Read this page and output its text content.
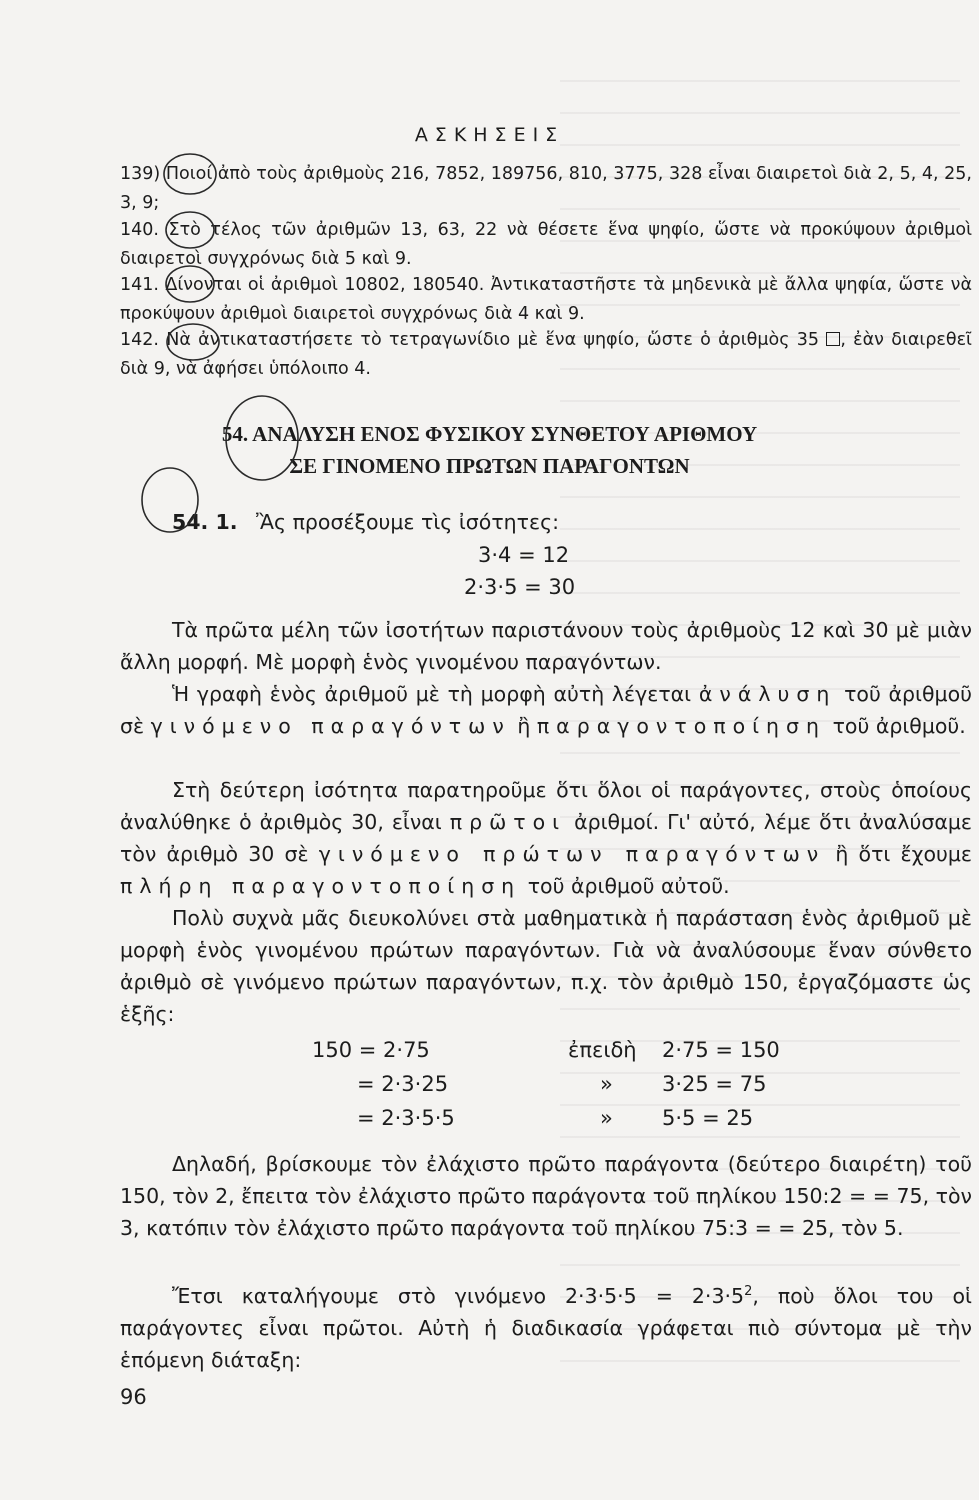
ΑΣΚΗΣΕΙΣ
139) Ποιοί ἀπὸ τοὺς ἀριθμοὺς 216, 7852, 189756, 810, 3775, 328 εἶναι διαιρετοὶ διὰ 2, 5, 4, 25, 3, 9;
140. Στὸ τέλος τῶν ἀριθμῶν 13, 63, 22 νὰ θέσετε ἕνα ψηφίο, ὥστε νὰ προκύψουν ἀριθμοὶ διαιρετοὶ συγχρόνως διὰ 5 καὶ 9.
141. Δίνονται οἱ ἀριθμοὶ 10802, 180540. Ἀντικαταστῆστε τὰ μηδενικὰ μὲ ἄλλα ψηφία, ὥστε νὰ προκύψουν ἀριθμοὶ διαιρετοὶ συγχρόνως διὰ 4 καὶ 9.
142. Νὰ ἀντικαταστήσετε τὸ τετραγωνίδιο μὲ ἕνα ψηφίο, ὥστε ὁ ἀριθμὸς 35 , ἐὰν διαιρεθεῖ διὰ 9, νὰ ἀφήσει ὑπόλοιπο 4.
54. ΑΝΑΛΥΣΗ ΕΝΟΣ ΦΥΣΙΚΟΥ ΣΥΝΘΕΤΟΥ ΑΡΙΘΜΟΥ
ΣΕ ΓΙΝΟΜΕΝΟ ΠΡΩΤΩΝ ΠΑΡΑΓΟΝΤΩΝ
54. 1. Ἂς προσέξουμε τὶς ἰσότητες:
3·4 = 12
2·3·5 = 30
Τὰ πρῶτα μέλη τῶν ἰσοτήτων παριστάνουν τοὺς ἀριθμοὺς 12 καὶ 30 μὲ μιὰν ἄλλη μορφή. Μὲ μορφὴ ἑνὸς γινομένου παραγόντων.
Ἡ γραφὴ ἑνὸς ἀριθμοῦ μὲ τὴ μορφὴ αὐτὴ λέγεται ἀνάλυση τοῦ ἀριθμοῦ σὲ γινόμενο παραγόντων ἢ παραγοντοποίηση τοῦ ἀριθμοῦ.
Στὴ δεύτερη ἰσότητα παρατηροῦμε ὅτι ὅλοι οἱ παράγοντες, στοὺς ὁποίους ἀναλύθηκε ὁ ἀριθμὸς 30, εἶναι πρῶτοι ἀριθμοί. Γι' αὐτό, λέμε ὅτι ἀναλύσαμε τὸν ἀριθμὸ 30 σὲ γινόμενο πρώτων παραγόντων ἢ ὅτι ἔχουμε πλήρη παραγοντοποίηση τοῦ ἀριθμοῦ αὐτοῦ.
Πολὺ συχνὰ μᾶς διευκολύνει στὰ μαθηματικὰ ἡ παράσταση ἑνὸς ἀριθμοῦ μὲ μορφὴ ἑνὸς γινομένου πρώτων παραγόντων. Γιὰ νὰ ἀναλύσουμε ἕναν σύνθετο ἀριθμὸ σὲ γινόμενο πρώτων παραγόντων, π.χ. τὸν ἀριθμὸ 150, ἐργαζόμαστε ὡς ἑξῆς:
150 = 2·75	ἐπειδὴ 2·75 = 150
= 2·3·25	» 3·25 = 75
= 2·3·5·5	» 5·5 = 25
Δηλαδή, βρίσκουμε τὸν ἐλάχιστο πρῶτο παράγοντα (δεύτερο διαιρέτη) τοῦ 150, τὸν 2, ἔπειτα τὸν ἐλάχιστο πρῶτο παράγοντα τοῦ πηλίκου 150:2 = = 75, τὸν 3, κατόπιν τὸν ἐλάχιστο πρῶτο παράγοντα τοῦ πηλίκου 75:3 = = 25, τὸν 5.
Ἔτσι καταλήγουμε στὸ γινόμενο $2\cdot 3\cdot 5\cdot 5 = 2\cdot 3\cdot 5^2$, ποὺ ὅλοι του οἱ παράγοντες εἶναι πρῶτοι. Αὐτὴ ἡ διαδικασία γράφεται πιὸ σύντομα μὲ τὴν ἑπόμενη διάταξη:
96
